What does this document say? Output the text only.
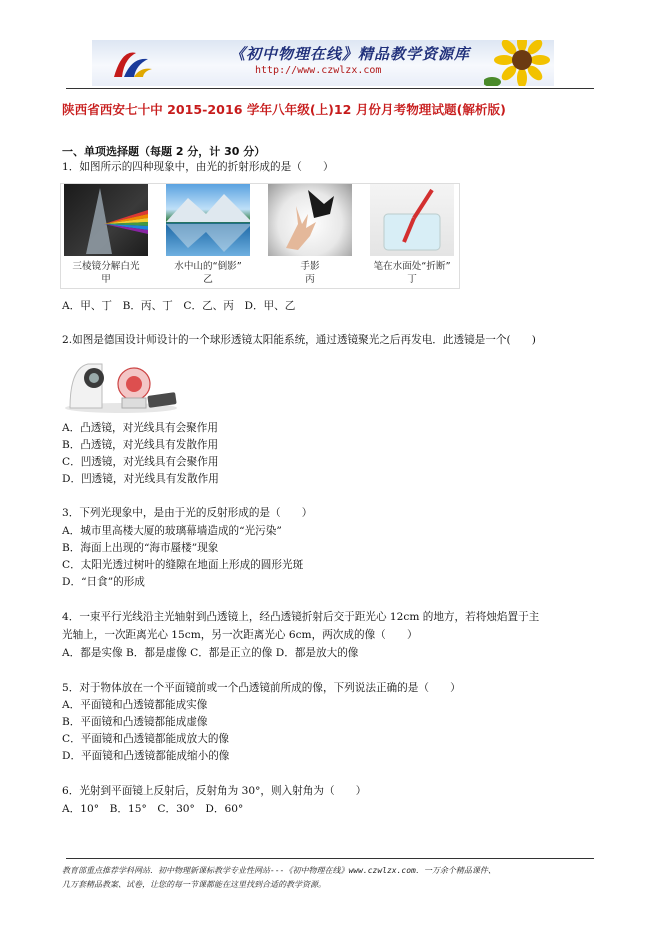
《初中物理在线》精品教学资源库
http://www.czwlzx.com
陕西省西安七十中 2015-2016 学年八年级(上)12 月份月考物理试题(解析版)
一、单项选择题（每题 2 分，计 30 分）
1．如图所示的四种现象中，由光的折射形成的是（　　）
三棱镜分解白光
甲
水中山的“倒影”
乙
手影
丙
笔在水面处“折断”
丁
A．甲、丁　B．丙、丁　C．乙、丙　D．甲、乙
2.如图是德国设计师设计的一个球形透镜太阳能系统，通过透镜聚光之后再发电．此透镜是一个(　　)
A．凸透镜，对光线具有会聚作用
B．凸透镜，对光线具有发散作用
C．凹透镜，对光线具有会聚作用
D．凹透镜，对光线具有发散作用
3．下列光现象中，是由于光的反射形成的是（　　）
A．城市里高楼大厦的玻璃幕墙造成的“光污染”
B．海面上出现的“海市蜃楼”现象
C．太阳光透过树叶的缝隙在地面上形成的圆形光斑
D．“日食”的形成
4．一束平行光线沿主光轴射到凸透镜上，经凸透镜折射后交于距光心 12cm 的地方，若将烛焰置于主
光轴上，一次距离光心 15cm，另一次距离光心 6cm，两次成的像（　　）
A．都是实像 B．都是虚像 C．都是正立的像 D．都是放大的像
5．对于物体放在一个平面镜前或一个凸透镜前所成的像，下列说法正确的是（　　）
A．平面镜和凸透镜都能成实像
B．平面镜和凸透镜都能成虚像
C．平面镜和凸透镜都能成放大的像
D．平面镜和凸透镜都能成缩小的像
6．光射到平面镜上反射后，反射角为 30°，则入射角为（　　）
A．10°　B．15°　C．30°　D．60°
教育部重点推荐学科网站．初中物理新课标教学专业性网站---《初中物理在线》www.czwlzx.com．一万余个精品课件、
几万套精品教案、试卷，让您的每一节课都能在这里找到合适的教学资源。
